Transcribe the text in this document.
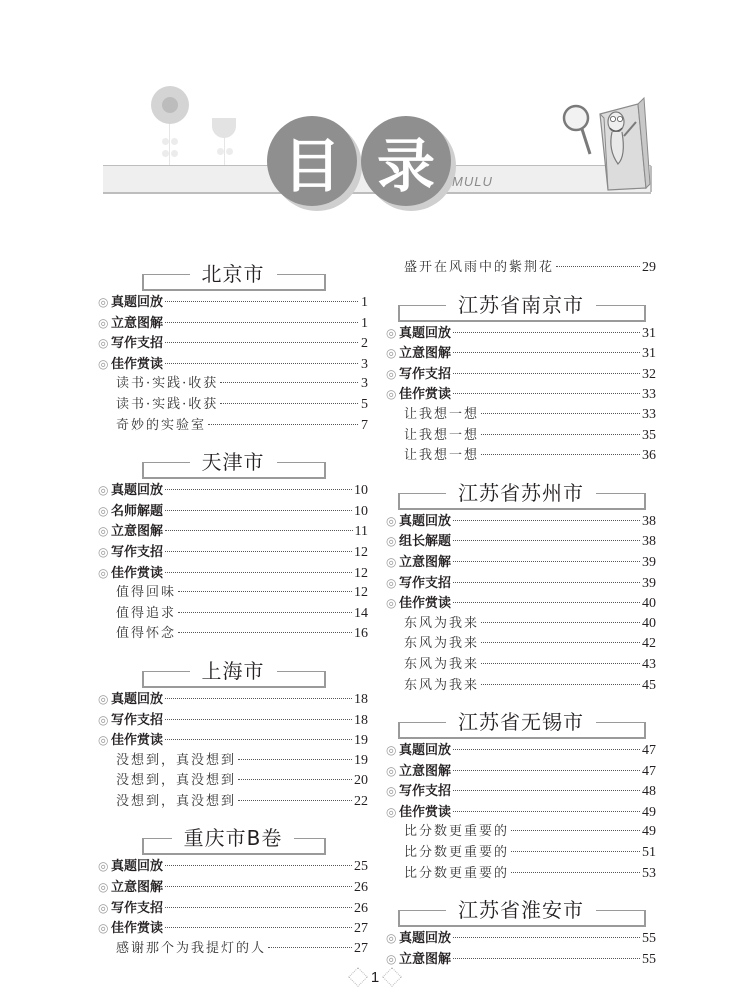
目 录 MULU
北京市
◎ 真题回放	1
◎ 立意图解	1
◎ 写作支招	2
◎ 佳作赏读	3
读书·实践·收获	3
读书·实践·收获	5
奇妙的实验室	7
天津市
◎ 真题回放	10
◎ 名师解题	10
◎ 立意图解	11
◎ 写作支招	12
◎ 佳作赏读	12
值得回味	12
值得追求	14
值得怀念	16
上海市
◎ 真题回放	18
◎ 写作支招	18
◎ 佳作赏读	19
没想到，真没想到	19
没想到，真没想到	20
没想到，真没想到	22
重庆市B卷
◎ 真题回放	25
◎ 立意图解	26
◎ 写作支招	26
◎ 佳作赏读	27
感谢那个为我提灯的人	27
盛开在风雨中的紫荆花	29
江苏省南京市
◎ 真题回放	31
◎ 立意图解	31
◎ 写作支招	32
◎ 佳作赏读	33
让我想一想	33
让我想一想	35
让我想一想	36
江苏省苏州市
◎ 真题回放	38
◎ 组长解题	38
◎ 立意图解	39
◎ 写作支招	39
◎ 佳作赏读	40
东风为我来	40
东风为我来	42
东风为我来	43
东风为我来	45
江苏省无锡市
◎ 真题回放	47
◎ 立意图解	47
◎ 写作支招	48
◎ 佳作赏读	49
比分数更重要的	49
比分数更重要的	51
比分数更重要的	53
江苏省淮安市
◎ 真题回放	55
◎ 立意图解	55
1
